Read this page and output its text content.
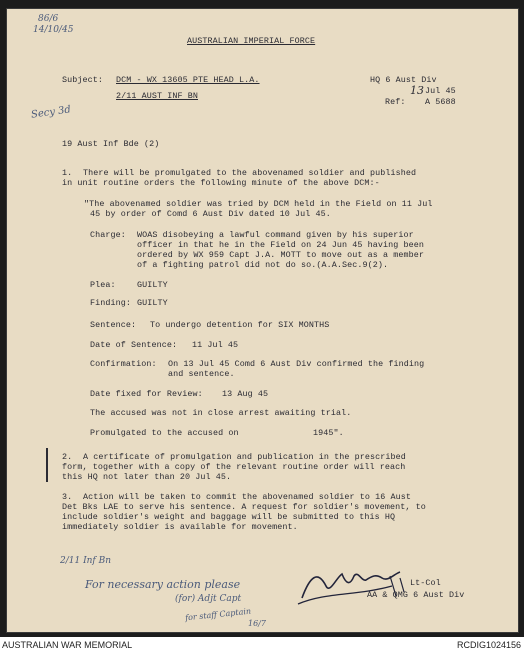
86/6
14/10/45
Secy 3d
AUSTRALIAN IMPERIAL FORCE
Subject: DCM - WX 13605 PTE HEAD L.A.
2/11 AUST INF BN
HQ 6 Aust Div
13 Jul 45
Ref: A 5688
19 Aust Inf Bde (2)
1. There will be promulgated to the abovenamed soldier and published
in unit routine orders the following minute of the above DCM:-
"The abovenamed soldier was tried by DCM held in the Field on 11 Jul
45 by order of Comd 6 Aust Div dated 10 Jul 45.
Charge: WOAS disobeying a lawful command given by his superior
officer in that he in the Field on 24 Jun 45 having been
ordered by WX 959 Capt J.A. MOTT to move out as a member
of a fighting patrol did not do so.(A.A.Sec.9(2).
Plea:	GUILTY
Finding: GUILTY
Sentence: To undergo detention for SIX MONTHS
Date of Sentence: 11 Jul 45
Confirmation: On 13 Jul 45 Comd 6 Aust Div confirmed the finding
and sentence.
Date fixed for Review: 13 Aug 45
The accused was not in close arrest awaiting trial.
Promulgated to the accused on	1945".
2. A certificate of promulgation and publication in the prescribed
form, together with a copy of the relevant routine order will reach
this HQ not later than 20 Jul 45.
3. Action will be taken to commit the abovenamed soldier to 16 Aust
Det Bks LAE to serve his sentence. A request for soldier's movement, to
include soldier's weight and baggage will be submitted to this HQ
immediately soldier is available for movement.
Lt-Col
AA & QMG 6 Aust Div
2/11 Inf Bn
For necessary action please
(for) Adjt Capt
for staff Captain
16/7
AUSTRALIAN WAR MEMORIAL	RCDIG1024156
